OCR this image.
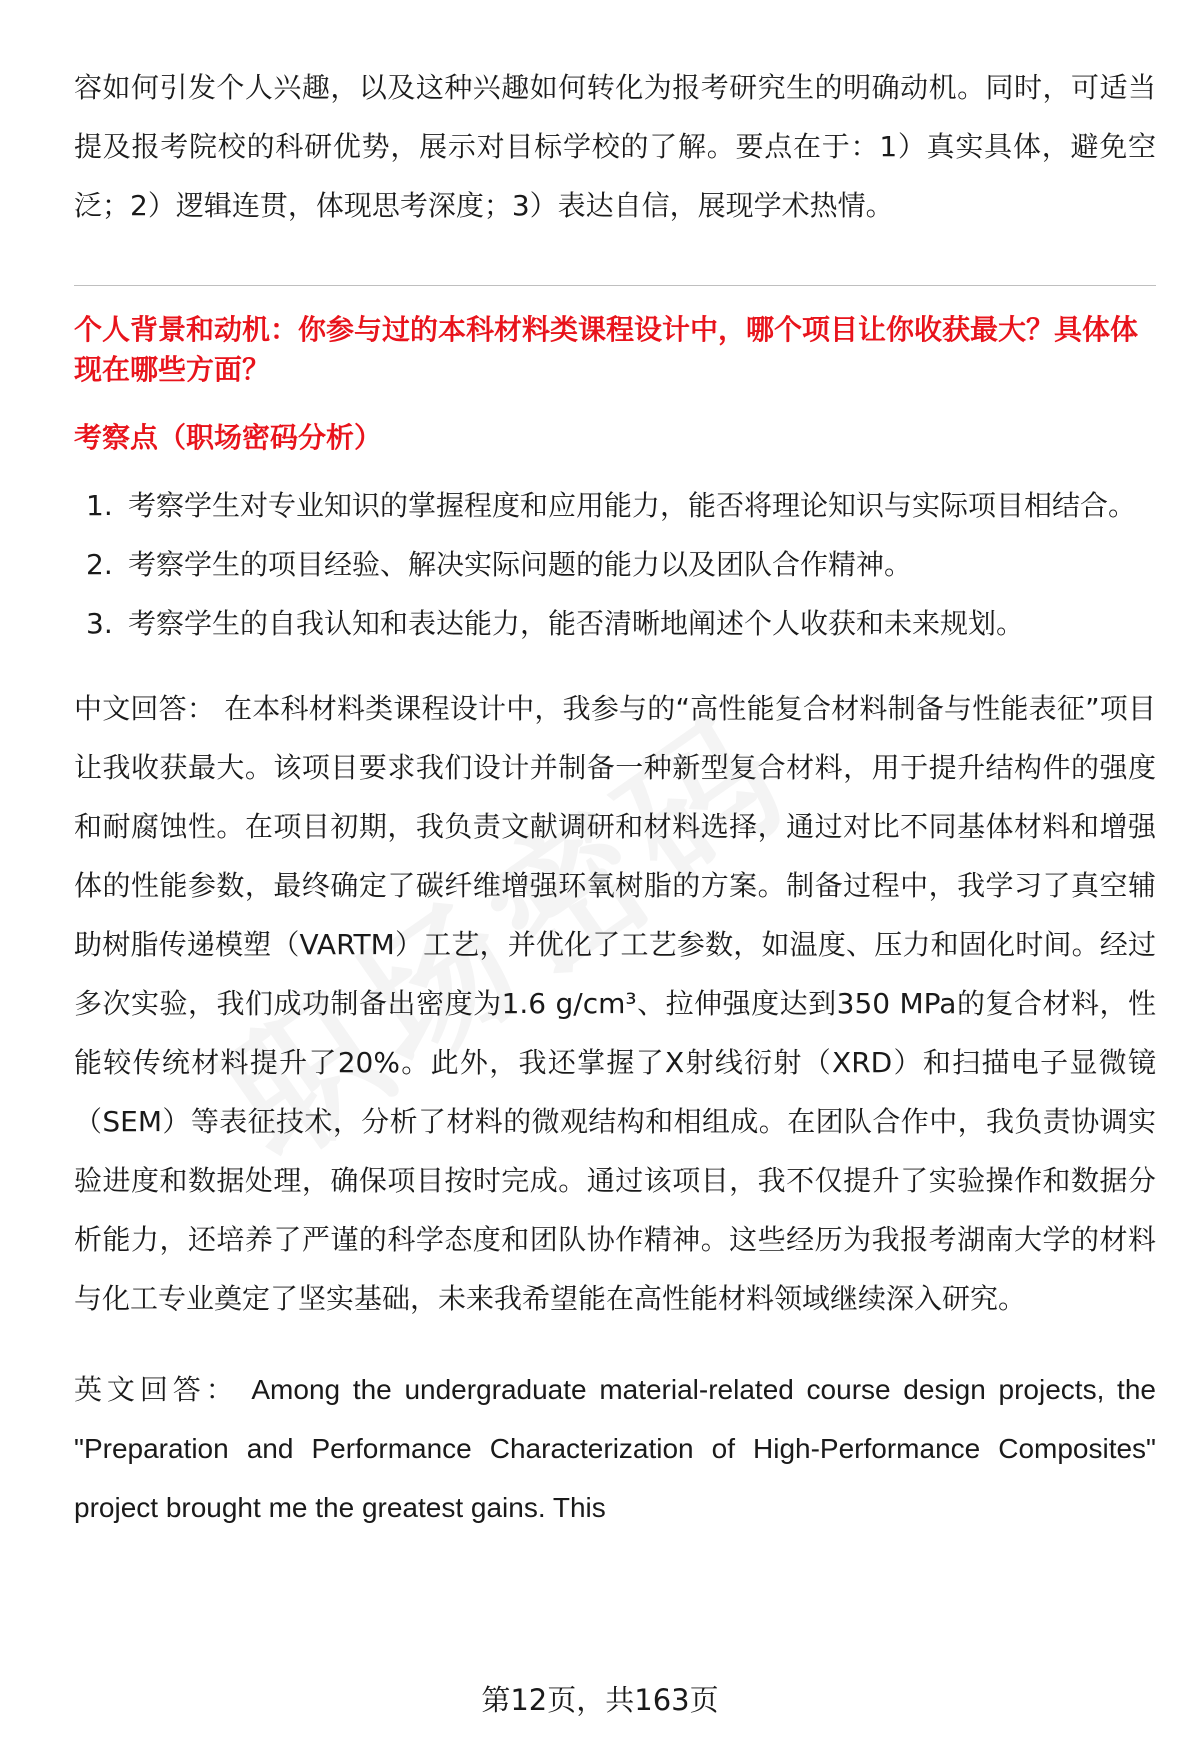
容如何引发个人兴趣，以及这种兴趣如何转化为报考研究生的明确动机。同时，可适当提及报考院校的科研优势，展示对目标学校的了解。要点在于：1）真实具体，避免空泛；2）逻辑连贯，体现思考深度；3）表达自信，展现学术热情。

个人背景和动机：你参与过的本科材料类课程设计中，哪个项目让你收获最大？具体体现在哪些方面？

考察点（职场密码分析）

1. 考察学生对专业知识的掌握程度和应用能力，能否将理论知识与实际项目相结合。
2. 考察学生的项目经验、解决实际问题的能力以及团队合作精神。
3. 考察学生的自我认知和表达能力，能否清晰地阐述个人收获和未来规划。

中文回答： 在本科材料类课程设计中，我参与的“高性能复合材料制备与性能表征”项目让我收获最大。该项目要求我们设计并制备一种新型复合材料，用于提升结构件的强度和耐腐蚀性。在项目初期，我负责文献调研和材料选择，通过对比不同基体材料和增强体的性能参数，最终确定了碳纤维增强环氧树脂的方案。制备过程中，我学习了真空辅助树脂传递模塑（VARTM）工艺，并优化了工艺参数，如温度、压力和固化时间。经过多次实验，我们成功制备出密度为1.6 g/cm³、拉伸强度达到350 MPa的复合材料，性能较传统材料提升了20%。此外，我还掌握了X射线衍射（XRD）和扫描电子显微镜（SEM）等表征技术，分析了材料的微观结构和相组成。在团队合作中，我负责协调实验进度和数据处理，确保项目按时完成。通过该项目，我不仅提升了实验操作和数据分析能力，还培养了严谨的科学态度和团队协作精神。这些经历为我报考湖南大学的材料与化工专业奠定了坚实基础，未来我希望能在高性能材料领域继续深入研究。

英文回答： Among the undergraduate material-related course design projects, the "Preparation and Performance Characterization of High-Performance Composites" project brought me the greatest gains. This

第12页，共163页
